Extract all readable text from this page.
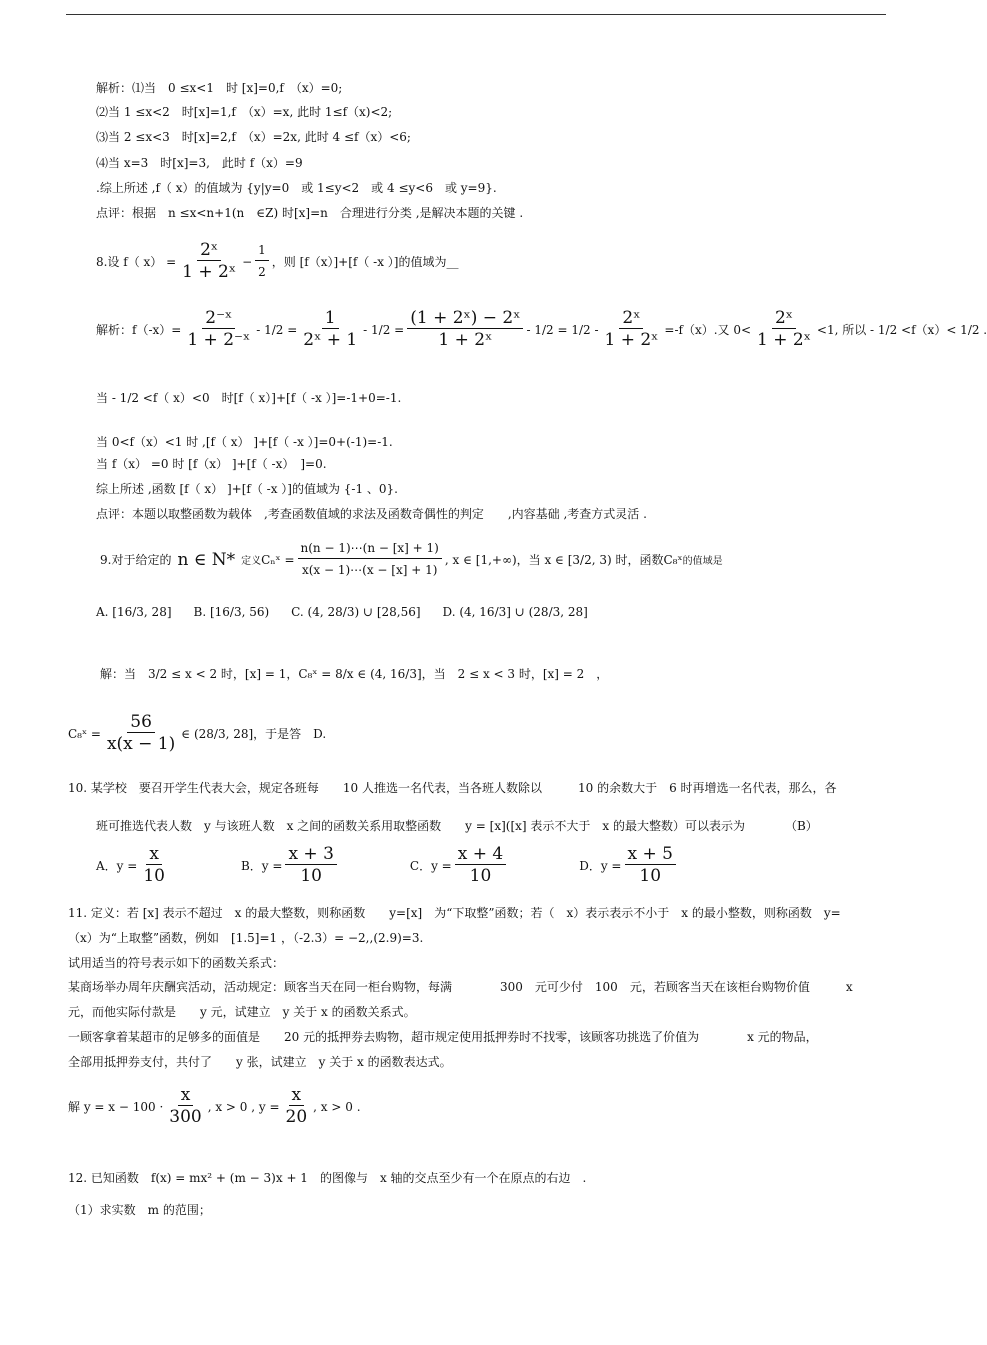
解析：⑴当　0 ≤x<1　时 [x]=0,f　（x）=0;
⑵当 1 ≤x<2　时[x]=1,f　（x）=x, 此时 1≤f（x)<2;
⑶当 2 ≤x<3　时[x]=2,f　（x）=2x, 此时 4 ≤f（x）<6;
⑷当 x=3　时[x]=3,　此时 f（x）=9
.综上所述 ,f（ x）的值域为 {y|y=0　或 1≤y<2　或 4 ≤y<6　或 y=9}.
点评：根据　n ≤x<n+1(n　∈Z) 时[x]=n　合理进行分类 ,是解决本题的关键 .
8.设 f（ $x) = \frac{\text{2ˣ}}{\text{1 + 2ˣ}} - \frac{1}{2}$ ，则 [f（x）]+[f（ -x ）]的值域为__
解析：$f(-x)= \frac{\text{2⁻ˣ}}{\text{1 + 2⁻ˣ}} - 1/2 = \frac{1}{\text{2ˣ + 1}} - 1/2 = \frac{\text{(1 + 2ˣ) − 2ˣ}}{\text{1 + 2ˣ}} - 1/2 = 1/2 - \frac{\text{2ˣ}}{\text{1 + 2ˣ}} =-f(x)$.又 $0< \frac{\text{2ˣ}}{\text{1 + 2ˣ}} <1$, 所以 - 1/2 <f（x）< 1/2 .
当 - 1/2 <f（ x）<0　时[f（ x）]+[f（ -x ）]=-1+0=-1.
当 0<f（x）<1 时 ,[f（ x） ]+[f（ -x ）]=0+(-1)=-1.
当 f（x） =0 时 [f（x） ]+[f（ -x）　]=0.
综上所述 ,函数 [f（ x） ]+[f（ -x ）]的值域为 {-1 、0}.
点评：本题以取整函数为载体　,考查函数值域的求法及函数奇偶性的判定　　,内容基础 ,考查方式灵活 .
9.对于给定的 n ∈ N* 定义 Cₙˣ = $\frac{n(n - 1)\cdots(n - [x] + 1)}{x(x - 1)\cdots(x - [x] + 1)}$ , x ∈ [1,+∞)，当 x ∈ [3/2, 3) 时，函数 C₈ˣ 的值域是
A. [16/3, 28] B. [16/3, 56) C. (4, 28/3) ∪ [28,56] D. (4, 16/3] ∪ (28/3, 28]
解：当　3/2 ≤ x < 2 时，[x] = 1，C₈ˣ = 8/x ∈ (4, 16/3]，当　2 ≤ x < 3 时，[x] = 2　，
C₈ˣ = $\frac{56}{x(x - 1)}$ ∈ (28/3, 28]，于是答　D.
10. 某学校　要召开学生代表大会，规定各班每　　10 人推选一名代表，当各班人数除以　　　10 的余数大于　6 时再增选一名代表，那么，各
班可推选代表人数　y 与该班人数　x 之间的函数关系用取整函数　　y = [x]([x] 表示不大于　x 的最大整数）可以表示为	（B）
A．$y = \frac{x}{10}$	B．$y = \frac{x + 3}{10}$	C．$y = \frac{x + 4}{10}$	D．$y = \frac{x + 5}{10}$
11. 定义：若 [x] 表示不超过　x 的最大整数，则称函数　　y=[x]　为“下取整”函数；若（　x）表示表示不小于　x 的最小整数，则称函数　y=
（x）为“上取整”函数，例如　[1.5]=1 ，（-2.3）= −2,,(2.9)=3.
试用适当的符号表示如下的函数关系式：
某商场举办周年庆酬宾活动，活动规定：顾客当天在同一柜台购物，每满　　　　300　元可少付　100　元，若顾客当天在该柜台购物价值　　　x
元，而他实际付款是　　y 元，试建立　y 关于 x 的函数关系式。
一顾客拿着某超市的足够多的面值是　　20 元的抵押券去购物，超市规定使用抵押券时不找零，该顾客功挑选了价值为　　　　x 元的物品，
全部用抵押券支付，共付了　　y 张，试建立　y 关于 x 的函数表达式。
解 $y = x - 100 \cdot \frac{x}{300}$ , x > 0 , $y = \frac{x}{20}$ , x > 0 .
12. 已知函数　f(x) = mx² + (m − 3)x + 1　的图像与　x 轴的交点至少有一个在原点的右边　.
（1）求实数　m 的范围；
